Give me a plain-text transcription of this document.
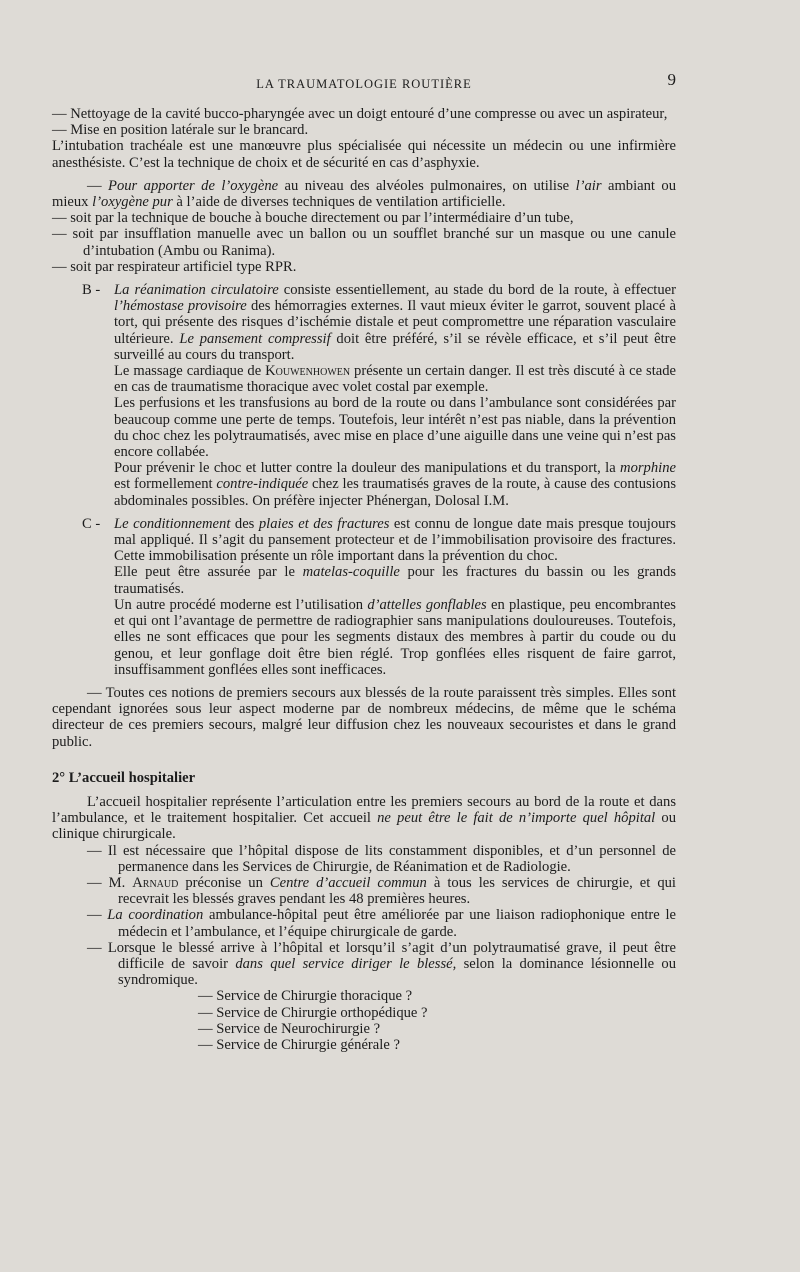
LA TRAUMATOLOGIE ROUTIÈRE	9

— Nettoyage de la cavité bucco-pharyngée avec un doigt entouré d’une compresse ou avec un aspirateur,

— Mise en position latérale sur le brancard.

L’intubation trachéale est une manœuvre plus spécialisée qui nécessite un médecin ou une infirmière anesthésiste. C’est la technique de choix et de sécurité en cas d’asphyxie.

— Pour apporter de l’oxygène au niveau des alvéoles pulmonaires, on utilise l’air ambiant ou mieux l’oxygène pur à l’aide de diverses techniques de ventilation artificielle.

— soit par la technique de bouche à bouche directement ou par l’intermédiaire d’un tube,

— soit par insufflation manuelle avec un ballon ou un soufflet branché sur un masque ou une canule d’intubation (Ambu ou Ranima).

— soit par respirateur artificiel type RPR.

B - La réanimation circulatoire consiste essentiellement, au stade du bord de la route, à effectuer l’hémostase provisoire des hémorragies externes. Il vaut mieux éviter le garrot, souvent placé à tort, qui présente des risques d’ischémie distale et peut compromettre une réparation vasculaire ultérieure. Le pansement compressif doit être préféré, s’il se révèle efficace, et s’il peut être surveillé au cours du transport.

Le massage cardiaque de Kouwenhowen présente un certain danger. Il est très discuté à ce stade en cas de traumatisme thoracique avec volet costal par exemple.

Les perfusions et les transfusions au bord de la route ou dans l’ambulance sont considérées par beaucoup comme une perte de temps. Toutefois, leur intérêt n’est pas niable, dans la prévention du choc chez les polytraumatisés, avec mise en place d’une aiguille dans une veine qui n’est pas encore collabée.

Pour prévenir le choc et lutter contre la douleur des manipulations et du transport, la morphine est formellement contre-indiquée chez les traumatisés graves de la route, à cause des contusions abdominales possibles. On préfère injecter Phénergan, Dolosal I.M.

C - Le conditionnement des plaies et des fractures est connu de longue date mais presque toujours mal appliqué. Il s’agit du pansement protecteur et de l’immobilisation provisoire des fractures. Cette immobilisation présente un rôle important dans la prévention du choc.

Elle peut être assurée par le matelas-coquille pour les fractures du bassin ou les grands traumatisés.

Un autre procédé moderne est l’utilisation d’attelles gonflables en plastique, peu encombrantes et qui ont l’avantage de permettre de radiographier sans manipulations douloureuses. Toutefois, elles ne sont efficaces que pour les segments distaux des membres à partir du coude ou du genou, et leur gonflage doit être bien réglé. Trop gonflées elles risquent de faire garrot, insuffisamment gonflées elles sont inefficaces.

— Toutes ces notions de premiers secours aux blessés de la route paraissent très simples. Elles sont cependant ignorées sous leur aspect moderne par de nombreux médecins, de même que le schéma directeur de ces premiers secours, malgré leur diffusion chez les nouveaux secouristes et dans le grand public.

2° L’accueil hospitalier

L’accueil hospitalier représente l’articulation entre les premiers secours au bord de la route et dans l’ambulance, et le traitement hospitalier. Cet accueil ne peut être le fait de n’importe quel hôpital ou clinique chirurgicale.

— Il est nécessaire que l’hôpital dispose de lits constamment disponibles, et d’un personnel de permanence dans les Services de Chirurgie, de Réanimation et de Radiologie.

— M. Arnaud préconise un Centre d’accueil commun à tous les services de chirurgie, et qui recevrait les blessés graves pendant les 48 premières heures.

— La coordination ambulance-hôpital peut être améliorée par une liaison radiophonique entre le médecin et l’ambulance, et l’équipe chirurgicale de garde.

— Lorsque le blessé arrive à l’hôpital et lorsqu’il s’agit d’un polytraumatisé grave, il peut être difficile de savoir dans quel service diriger le blessé, selon la dominance lésionnelle ou syndromique.

— Service de Chirurgie thoracique ?

— Service de Chirurgie orthopédique ?

— Service de Neurochirurgie ?

— Service de Chirurgie générale ?
